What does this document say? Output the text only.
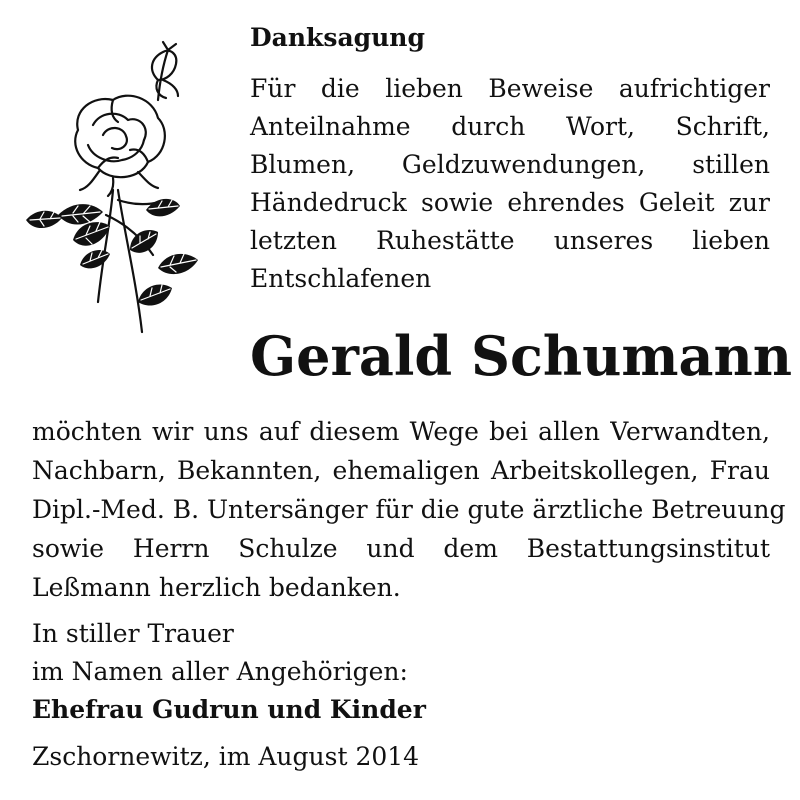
Danksagung
Für die lieben Beweise aufrichtiger
Anteilnahme durch Wort, Schrift,
Blumen, Geldzuwendungen, stillen
Händedruck sowie ehrendes Geleit zur
letzten Ruhestätte unseres lieben
Entschlafenen
Gerald Schumann
möchten wir uns auf diesem Wege bei allen Verwandten,
Nachbarn, Bekannten, ehemaligen Arbeitskollegen, Frau
Dipl.-Med. B. Untersänger für die gute ärztliche Betreuung
sowie Herrn Schulze und dem Bestattungsinstitut
Leßmann herzlich bedanken.
In stiller Trauer
im Namen aller Angehörigen:
Ehefrau Gudrun und Kinder
Zschornewitz, im August 2014
